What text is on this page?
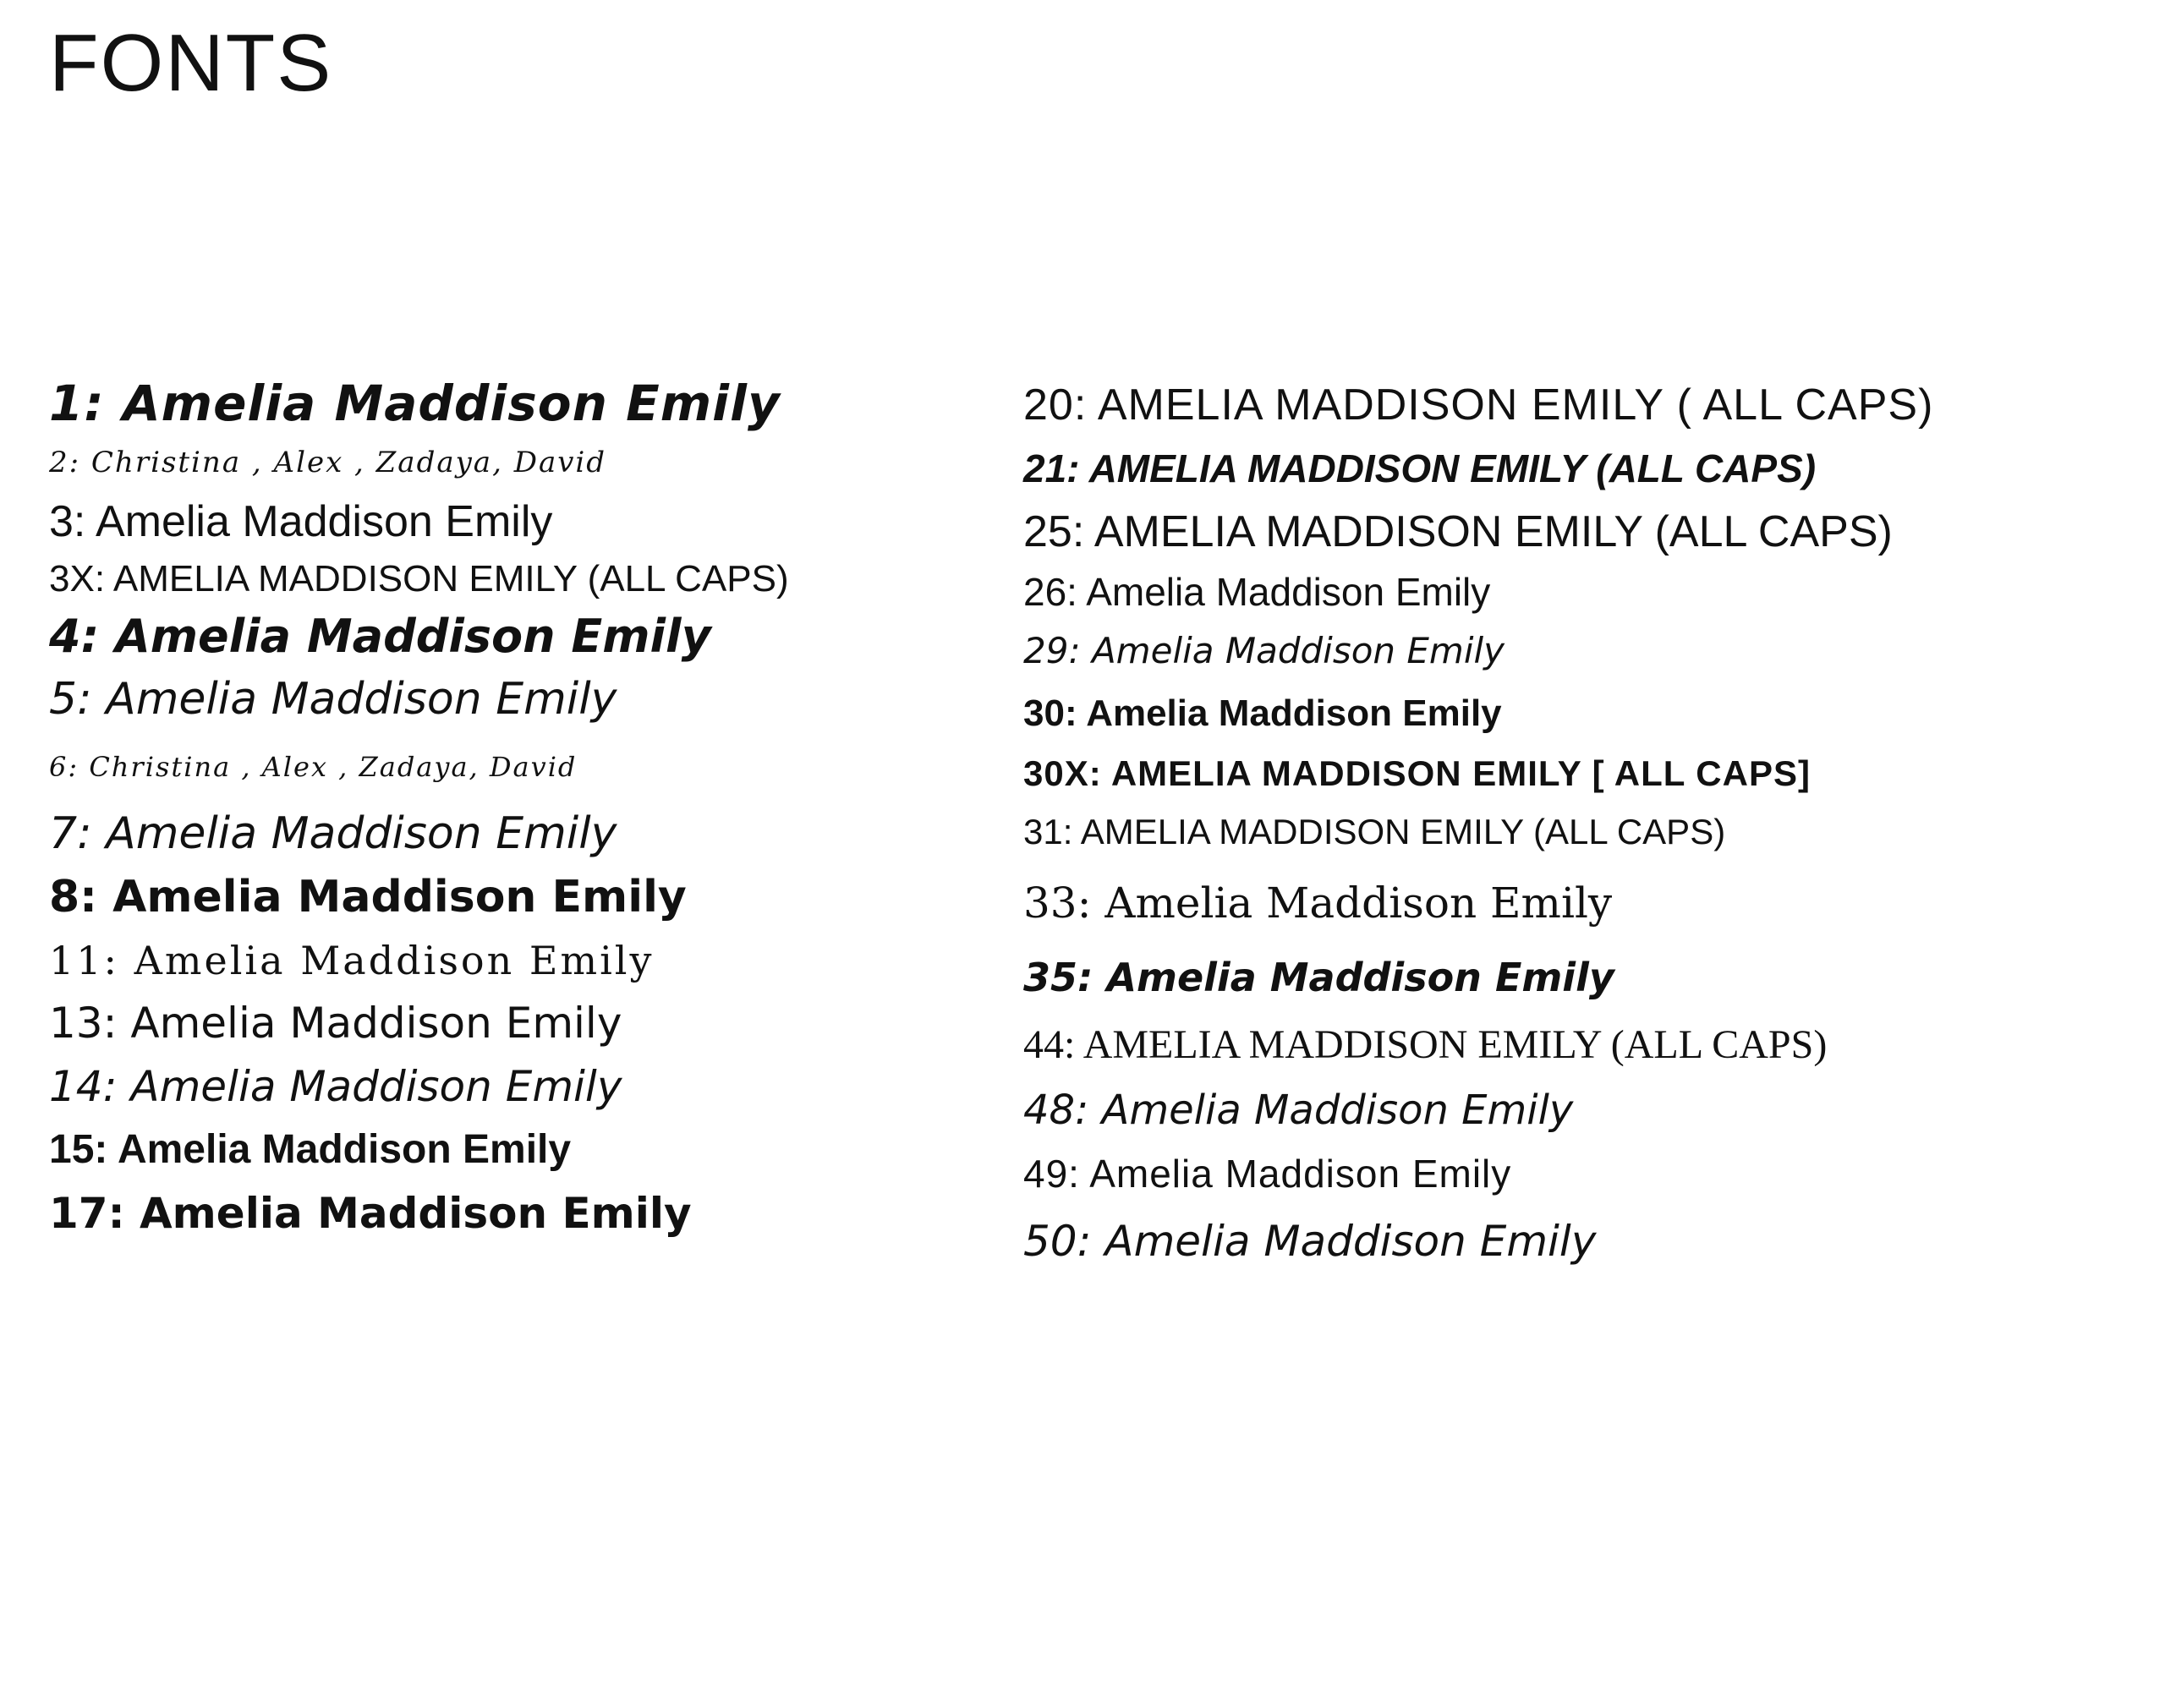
FONTS
1: Amelia Maddison Emily
2: Christina , Alex , Zadaya, David
3: Amelia Maddison Emily
3X: AMELIA MADDISON EMILY (ALL CAPS)
4: Amelia Maddison Emily
5: Amelia Maddison Emily
6: Christina , Alex , Zadaya, David
7: Amelia Maddison Emily
8: Amelia Maddison Emily
11: Amelia Maddison Emily
13: Amelia Maddison Emily
14: Amelia Maddison Emily
15: Amelia Maddison Emily
17: Amelia Maddison Emily
20: AMELIA MADDISON EMILY ( ALL CAPS)
21: AMELIA MADDISON EMILY (ALL CAPS)
25: AMELIA MADDISON EMILY (ALL CAPS)
26: Amelia Maddison Emily
29: Amelia Maddison Emily
30: Amelia Maddison Emily
30X: AMELIA MADDISON EMILY [ ALL CAPS]
31: AMELIA MADDISON EMILY (ALL CAPS)
33: Amelia Maddison Emily
35: Amelia Maddison Emily
44: AMELIA MADDISON EMILY (ALL CAPS)
48: Amelia Maddison Emily
49: Amelia Maddison Emily
50: Amelia Maddison Emily
